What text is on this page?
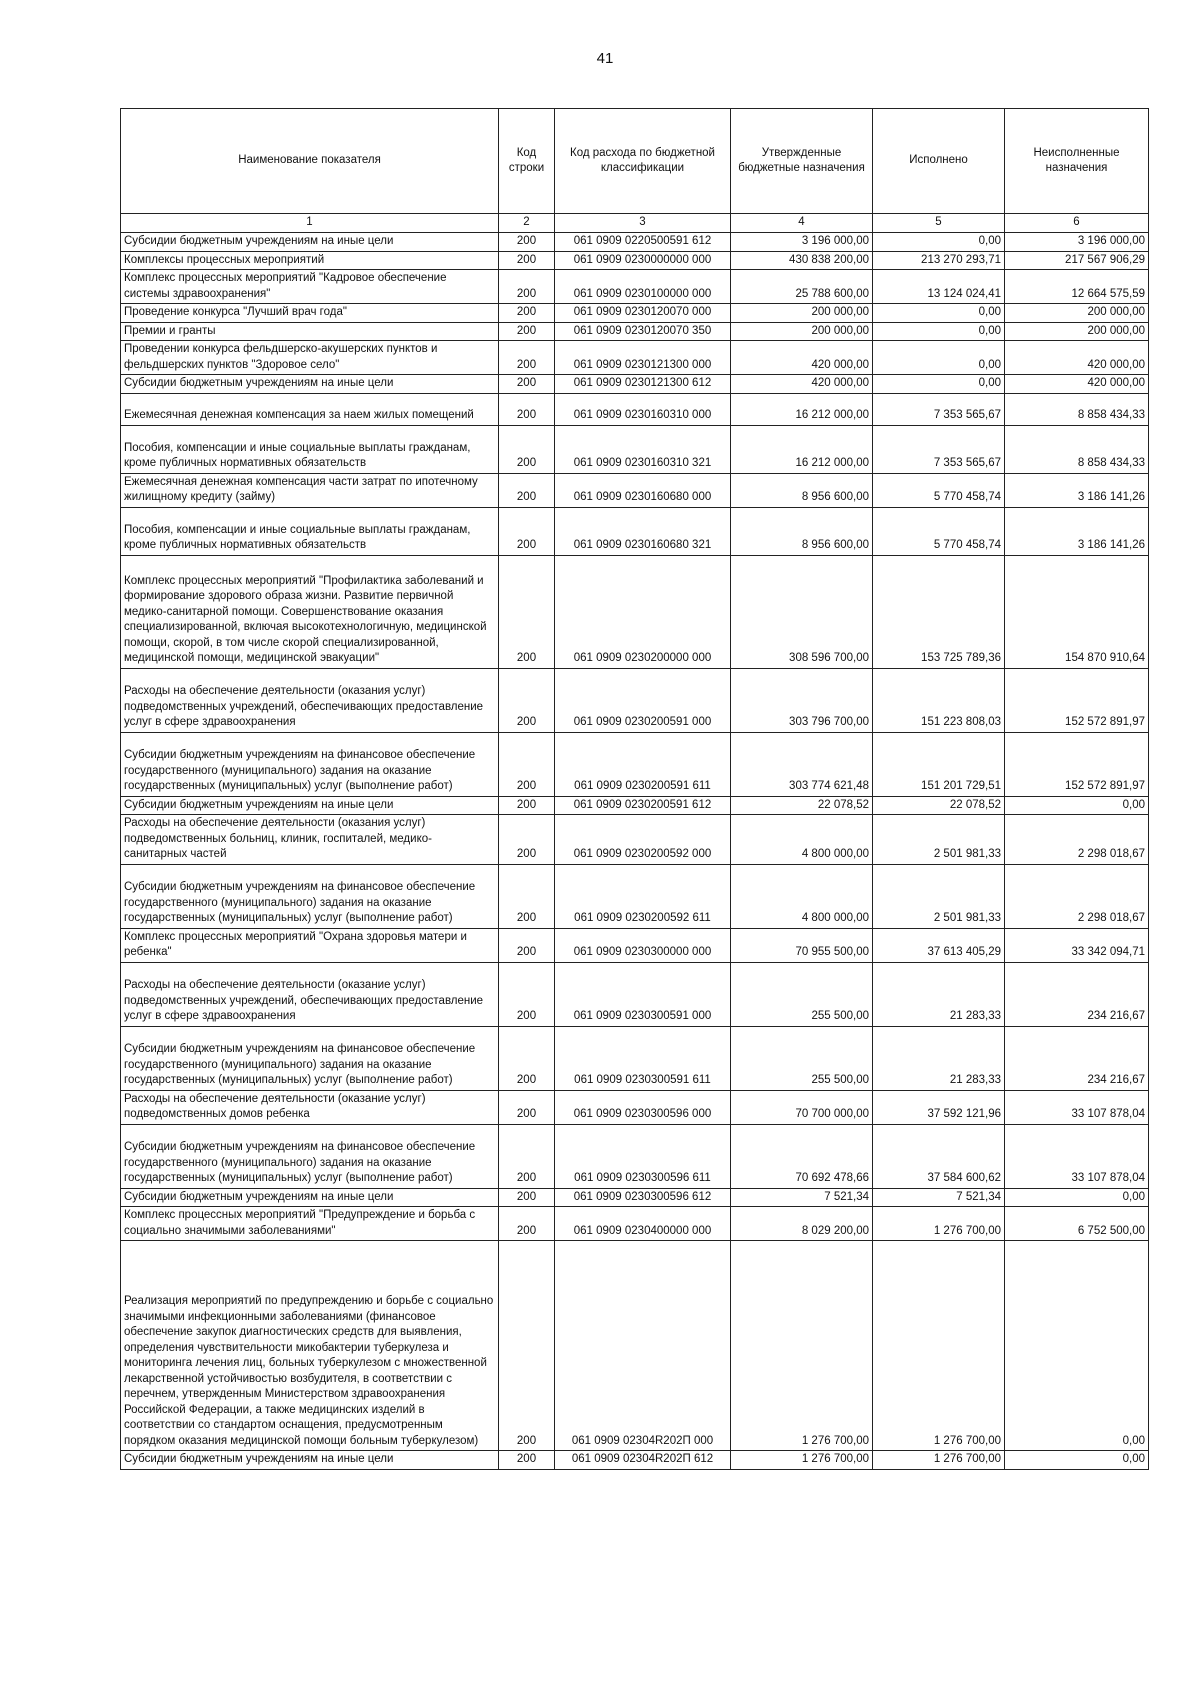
41
Наименование показателя	Код строки	Код расхода по бюджетной классификации	Утвержденные бюджетные назначения	Исполнено	Неисполненные назначения
1	2	3	4	5	6
Субсидии бюджетным учреждениям на иные цели	200	061 0909 0220500591 612	3 196 000,00	0,00	3 196 000,00
Комплексы процессных мероприятий	200	061 0909 0230000000 000	430 838 200,00	213 270 293,71	217 567 906,29
Комплекс процессных мероприятий "Кадровое обеспечение системы здравоохранения"	200	061 0909 0230100000 000	25 788 600,00	13 124 024,41	12 664 575,59
Проведение конкурса "Лучший врач года"	200	061 0909 0230120070 000	200 000,00	0,00	200 000,00
Премии и гранты	200	061 0909 0230120070 350	200 000,00	0,00	200 000,00
Проведении конкурса фельдшерско-акушерских пунктов и фельдшерских пунктов "Здоровое село"	200	061 0909 0230121300 000	420 000,00	0,00	420 000,00
Субсидии бюджетным учреждениям на иные цели	200	061 0909 0230121300 612	420 000,00	0,00	420 000,00
Ежемесячная денежная компенсация за наем жилых помещений	200	061 0909 0230160310 000	16 212 000,00	7 353 565,67	8 858 434,33
Пособия, компенсации и иные социальные выплаты гражданам, кроме публичных нормативных обязательств	200	061 0909 0230160310 321	16 212 000,00	7 353 565,67	8 858 434,33
Ежемесячная денежная компенсация части затрат по ипотечному жилищному кредиту (займу)	200	061 0909 0230160680 000	8 956 600,00	5 770 458,74	3 186 141,26
Пособия, компенсации и иные социальные выплаты гражданам, кроме публичных нормативных обязательств	200	061 0909 0230160680 321	8 956 600,00	5 770 458,74	3 186 141,26
Комплекс процессных мероприятий "Профилактика заболеваний и формирование здорового образа жизни. Развитие первичной медико-санитарной помощи. Совершенствование оказания специализированной, включая высокотехнологичную, медицинской помощи, скорой, в том числе скорой специализированной, медицинской помощи, медицинской эвакуации"	200	061 0909 0230200000 000	308 596 700,00	153 725 789,36	154 870 910,64
Расходы на обеспечение деятельности (оказания услуг) подведомственных учреждений, обеспечивающих предоставление услуг в сфере здравоохранения	200	061 0909 0230200591 000	303 796 700,00	151 223 808,03	152 572 891,97
Субсидии бюджетным учреждениям на финансовое обеспечение государственного (муниципального) задания на оказание государственных (муниципальных) услуг (выполнение работ)	200	061 0909 0230200591 611	303 774 621,48	151 201 729,51	152 572 891,97
Субсидии бюджетным учреждениям на иные цели	200	061 0909 0230200591 612	22 078,52	22 078,52	0,00
Расходы на обеспечение деятельности (оказания услуг) подведомственных больниц, клиник, госпиталей, медико-санитарных частей	200	061 0909 0230200592 000	4 800 000,00	2 501 981,33	2 298 018,67
Субсидии бюджетным учреждениям на финансовое обеспечение государственного (муниципального) задания на оказание государственных (муниципальных) услуг (выполнение работ)	200	061 0909 0230200592 611	4 800 000,00	2 501 981,33	2 298 018,67
Комплекс процессных мероприятий "Охрана здоровья матери и ребенка"	200	061 0909 0230300000 000	70 955 500,00	37 613 405,29	33 342 094,71
Расходы на обеспечение деятельности (оказание услуг) подведомственных учреждений, обеспечивающих предоставление услуг в сфере здравоохранения	200	061 0909 0230300591 000	255 500,00	21 283,33	234 216,67
Субсидии бюджетным учреждениям на финансовое обеспечение государственного (муниципального) задания на оказание государственных (муниципальных) услуг (выполнение работ)	200	061 0909 0230300591 611	255 500,00	21 283,33	234 216,67
Расходы на обеспечение деятельности (оказание услуг) подведомственных домов ребенка	200	061 0909 0230300596 000	70 700 000,00	37 592 121,96	33 107 878,04
Субсидии бюджетным учреждениям на финансовое обеспечение государственного (муниципального) задания на оказание государственных (муниципальных) услуг (выполнение работ)	200	061 0909 0230300596 611	70 692 478,66	37 584 600,62	33 107 878,04
Субсидии бюджетным учреждениям на иные цели	200	061 0909 0230300596 612	7 521,34	7 521,34	0,00
Комплекс процессных мероприятий "Предупреждение и борьба с социально значимыми заболеваниями"	200	061 0909 0230400000 000	8 029 200,00	1 276 700,00	6 752 500,00
Реализация мероприятий по предупреждению и борьбе с социально значимыми инфекционными заболеваниями (финансовое обеспечение закупок диагностических средств для выявления, определения чувствительности микобактерии туберкулеза и мониторинга лечения лиц, больных туберкулезом с множественной лекарственной устойчивостью возбудителя, в соответствии с перечнем, утвержденным Министерством здравоохранения Российской Федерации, а также медицинских изделий в соответствии со стандартом оснащения, предусмотренным порядком оказания медицинской помощи больным туберкулезом)	200	061 0909 02304R202П 000	1 276 700,00	1 276 700,00	0,00
Субсидии бюджетным учреждениям на иные цели	200	061 0909 02304R202П 612	1 276 700,00	1 276 700,00	0,00
